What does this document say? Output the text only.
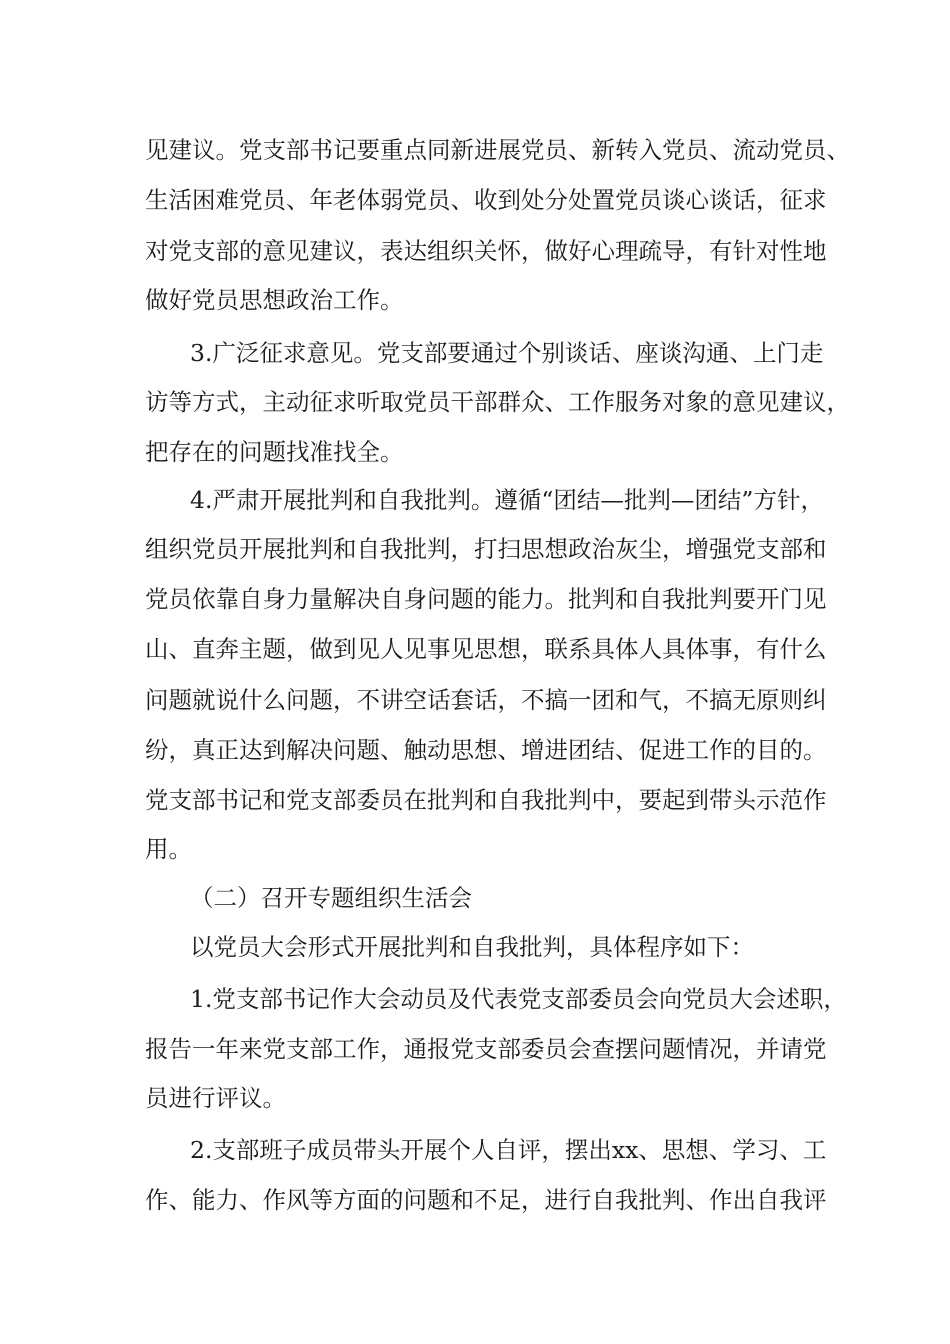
见建议。党支部书记要重点同新进展党员、新转入党员、流动党员、
生活困难党员、年老体弱党员、收到处分处置党员谈心谈话，征求
对党支部的意见建议，表达组织关怀，做好心理疏导，有针对性地
做好党员思想政治工作。
3.广泛征求意见。党支部要通过个别谈话、座谈沟通、上门走
访等方式，主动征求听取党员干部群众、工作服务对象的意见建议，
把存在的问题找准找全。
4.严肃开展批判和自我批判。遵循“团结—批判—团结”方针，
组织党员开展批判和自我批判，打扫思想政治灰尘，增强党支部和
党员依靠自身力量解决自身问题的能力。批判和自我批判要开门见
山、直奔主题，做到见人见事见思想，联系具体人具体事，有什么
问题就说什么问题，不讲空话套话，不搞一团和气，不搞无原则纠
纷，真正达到解决问题、触动思想、增进团结、促进工作的目的。
党支部书记和党支部委员在批判和自我批判中，要起到带头示范作
用。
（二）召开专题组织生活会
以党员大会形式开展批判和自我批判，具体程序如下：
1.党支部书记作大会动员及代表党支部委员会向党员大会述职，
报告一年来党支部工作，通报党支部委员会查摆问题情况，并请党
员进行评议。
2.支部班子成员带头开展个人自评，摆出xx、思想、学习、工
作、能力、作风等方面的问题和不足，进行自我批判、作出自我评
